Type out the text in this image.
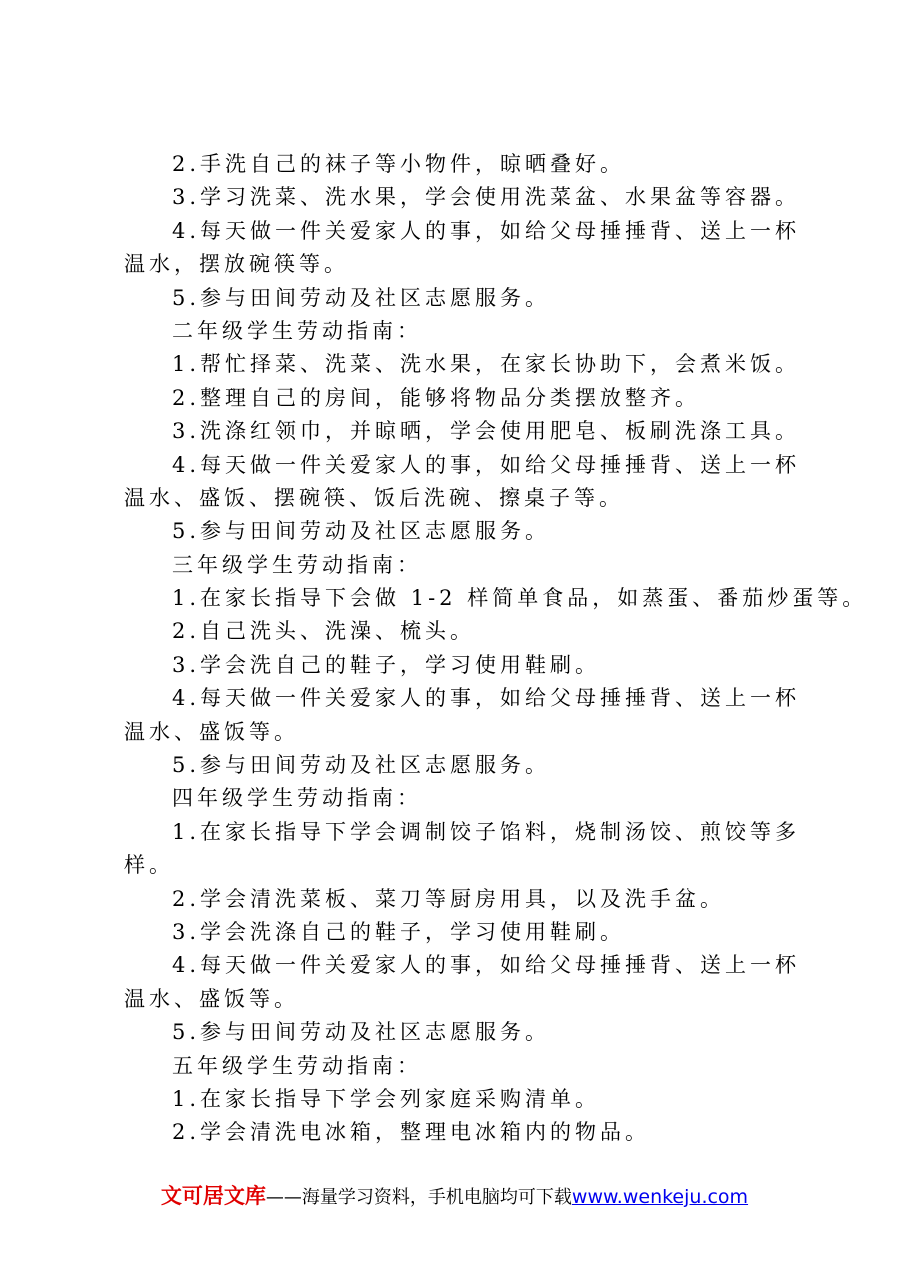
2.手洗自己的袜子等小物件，晾晒叠好。
3.学习洗菜、洗水果，学会使用洗菜盆、水果盆等容器。
4.每天做一件关爱家人的事，如给父母捶捶背、送上一杯
温水，摆放碗筷等。
5.参与田间劳动及社区志愿服务。
二年级学生劳动指南：
1.帮忙择菜、洗菜、洗水果，在家长协助下，会煮米饭。
2.整理自己的房间，能够将物品分类摆放整齐。
3.洗涤红领巾，并晾晒，学会使用肥皂、板刷洗涤工具。
4.每天做一件关爱家人的事，如给父母捶捶背、送上一杯
温水、盛饭、摆碗筷、饭后洗碗、擦桌子等。
5.参与田间劳动及社区志愿服务。
三年级学生劳动指南：
1.在家长指导下会做 1-2 样简单食品，如蒸蛋、番茄炒蛋等。
2.自己洗头、洗澡、梳头。
3.学会洗自己的鞋子，学习使用鞋刷。
4.每天做一件关爱家人的事，如给父母捶捶背、送上一杯
温水、盛饭等。
5.参与田间劳动及社区志愿服务。
四年级学生劳动指南：
1.在家长指导下学会调制饺子馅料，烧制汤饺、煎饺等多
样。
2.学会清洗菜板、菜刀等厨房用具，以及洗手盆。
3.学会洗涤自己的鞋子，学习使用鞋刷。
4.每天做一件关爱家人的事，如给父母捶捶背、送上一杯
温水、盛饭等。
5.参与田间劳动及社区志愿服务。
五年级学生劳动指南：
1.在家长指导下学会列家庭采购清单。
2.学会清洗电冰箱，整理电冰箱内的物品。
文可居文库——海量学习资料，手机电脑均可下载www.wenkeju.com
